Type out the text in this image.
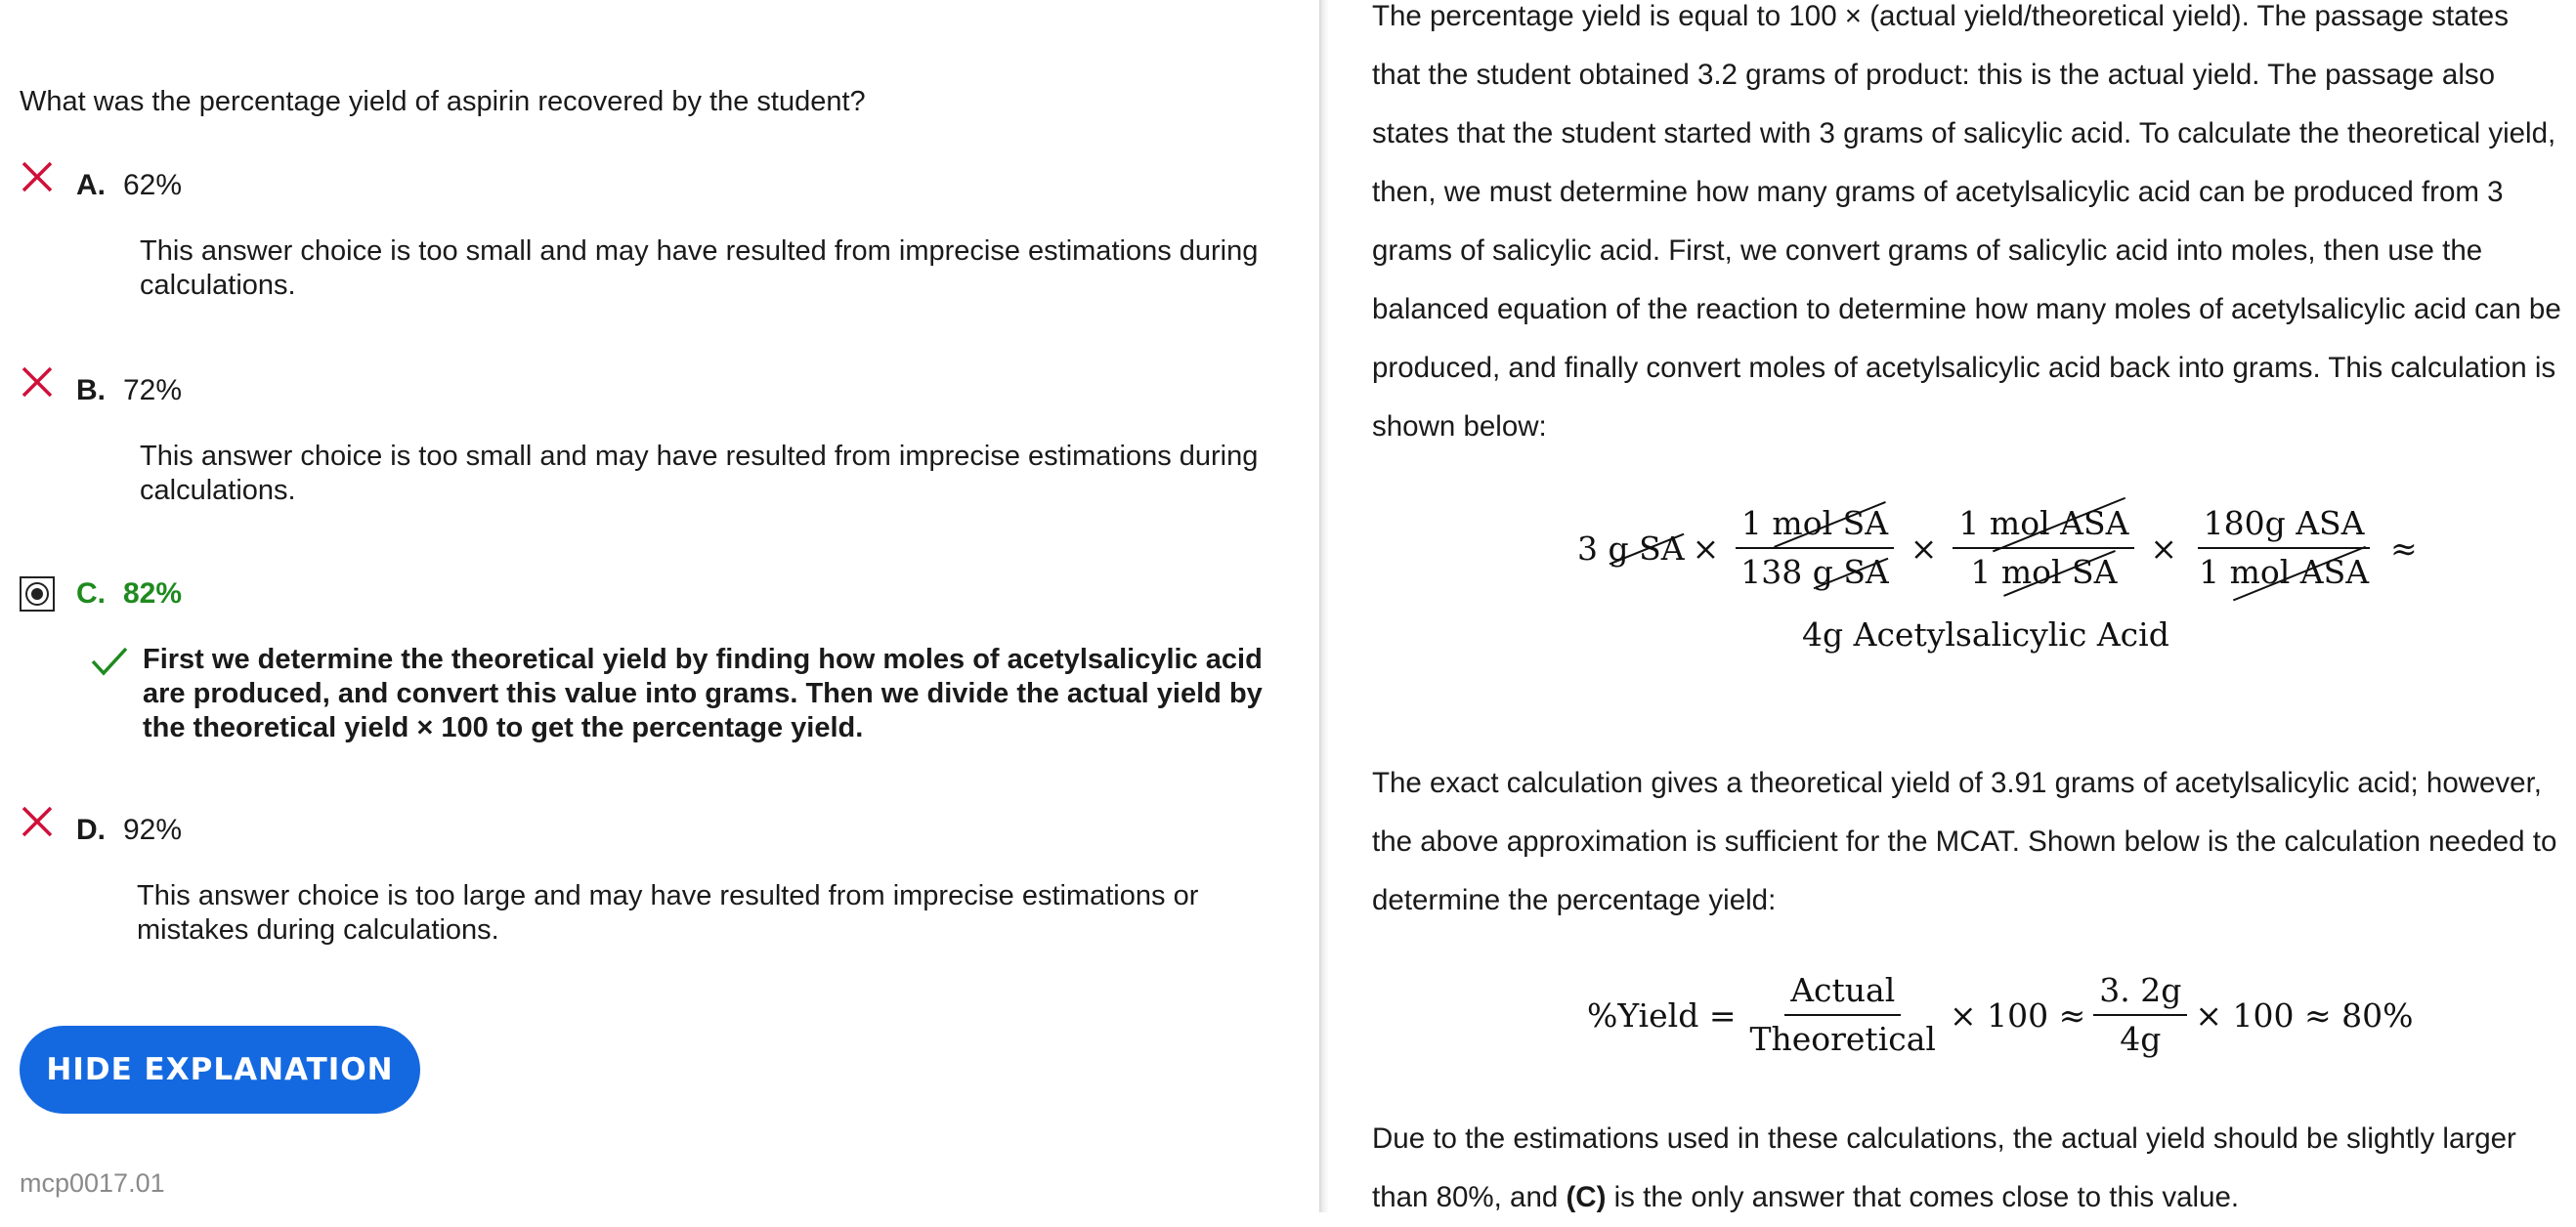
What was the percentage yield of aspirin recovered by the student?
A. 62%
This answer choice is too small and may have resulted from imprecise estimations during calculations.
B. 72%
This answer choice is too small and may have resulted from imprecise estimations during calculations.
C. 82%
First we determine the theoretical yield by finding how moles of acetylsalicylic acid are produced, and convert this value into grams. Then we divide the actual yield by the theoretical yield × 100 to get the percentage yield.
D. 92%
This answer choice is too large and may have resulted from imprecise estimations or mistakes during calculations.
HIDE EXPLANATION
mcp0017.01

The percentage yield is equal to 100 × (actual yield/theoretical yield). The passage states that the student obtained 3.2 grams of product: this is the actual yield. The passage also states that the student started with 3 grams of salicylic acid. To calculate the theoretical yield, then, we must determine how many grams of acetylsalicylic acid can be produced from 3 grams of salicylic acid. First, we convert grams of salicylic acid into moles, then use the balanced equation of the reaction to determine how many moles of acetylsalicylic acid can be produced, and finally convert moles of acetylsalicylic acid back into grams. This calculation is shown below:

3 g SA × $\frac{\text{1 mol SA}}{\text{138 g SA}} \times \frac{\text{1 mol ASA}}{\text{1 mol SA}} \times \frac{\text{180g ASA}}{\text{1 mol ASA}}$ ≈
4g Acetylsalicylic Acid

The exact calculation gives a theoretical yield of 3.91 grams of acetylsalicylic acid; however, the above approximation is sufficient for the MCAT. Shown below is the calculation needed to determine the percentage yield:

%Yield = $\frac{\text{Actual}}{\text{Theoretical}} \times 100 \approx \frac{3. 2g}{4g} \times 100 \approx 80\%$

Due to the estimations used in these calculations, the actual yield should be slightly larger than 80%, and (C) is the only answer that comes close to this value.
